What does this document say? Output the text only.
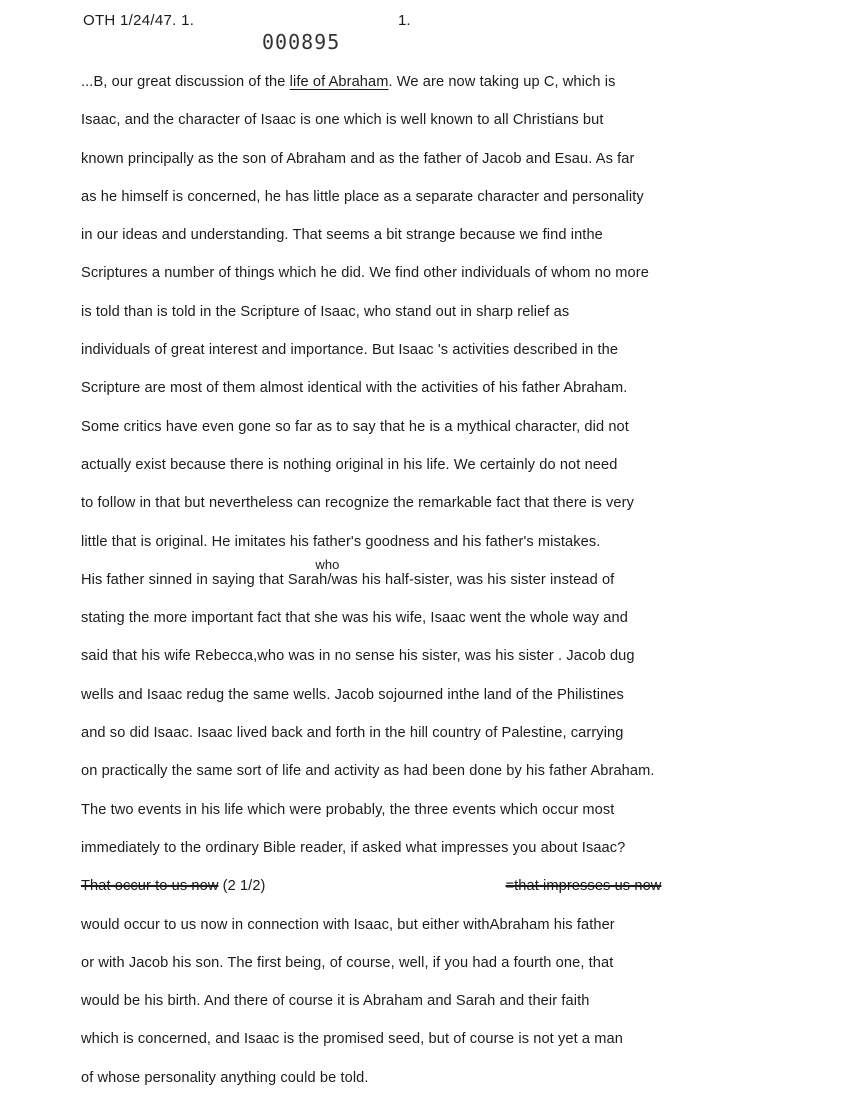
OTH 1/24/47. 1.	1.
000895
...B, our great discussion of the life of Abraham. We are now taking up C, which is
Isaac, and the character of Isaac is one which is well known to all Christians but
known principally as the son of Abraham and as the father of Jacob and Esau. As far
as he himself is concerned, he has little place as a separate character and personality
in our ideas and understanding. That seems a bit strange because we find inthe
Scriptures a number of things which he did. We find other individuals of whom no more
is told than is told in the Scripture of Isaac, who stand out in sharp relief as
individuals of great interest and importance. But Isaac 's activities described in the
Scripture are most of them almost identical with the activities of his father Abraham.
Some critics have even gone so far as to say that he is a mythical character, did not
actually exist because there is nothing original in his life. We certainly do not need
to follow in that but nevertheless can recognize the remarkable fact that there is very
little that is original. He imitates his father's goodness and his father's mistakes.
His father sinned in saying that Sarah
who
/was his half-sister, was his sister instead of
stating the more important fact that she was his wife, Isaac went the whole way and
said that his wife Rebecca,who was in no sense his sister, was his sister . Jacob dug
wells and Isaac redug the same wells. Jacob sojourned inthe land of the Philistines
and so did Isaac. Isaac lived back and forth in the hill country of Palestine, carrying
on practically the same sort of life and activity as had been done by his father Abraham.
The two events in his life which were probably, the three events which occur most
immediately to the ordinary Bible reader, if asked what impresses you about Isaac?
That occur to us now (2 1/2)	=that impresses us now
would occur to us now in connection with Isaac, but either withAbraham his father
or with Jacob his son. The first being, of course, well, if you had a fourth one, that
would be his birth. And there of course it is Abraham and Sarah and their faith
which is concerned, and Isaac is the promised seed, but of course is not yet a man
of whose personality anything could be told.
